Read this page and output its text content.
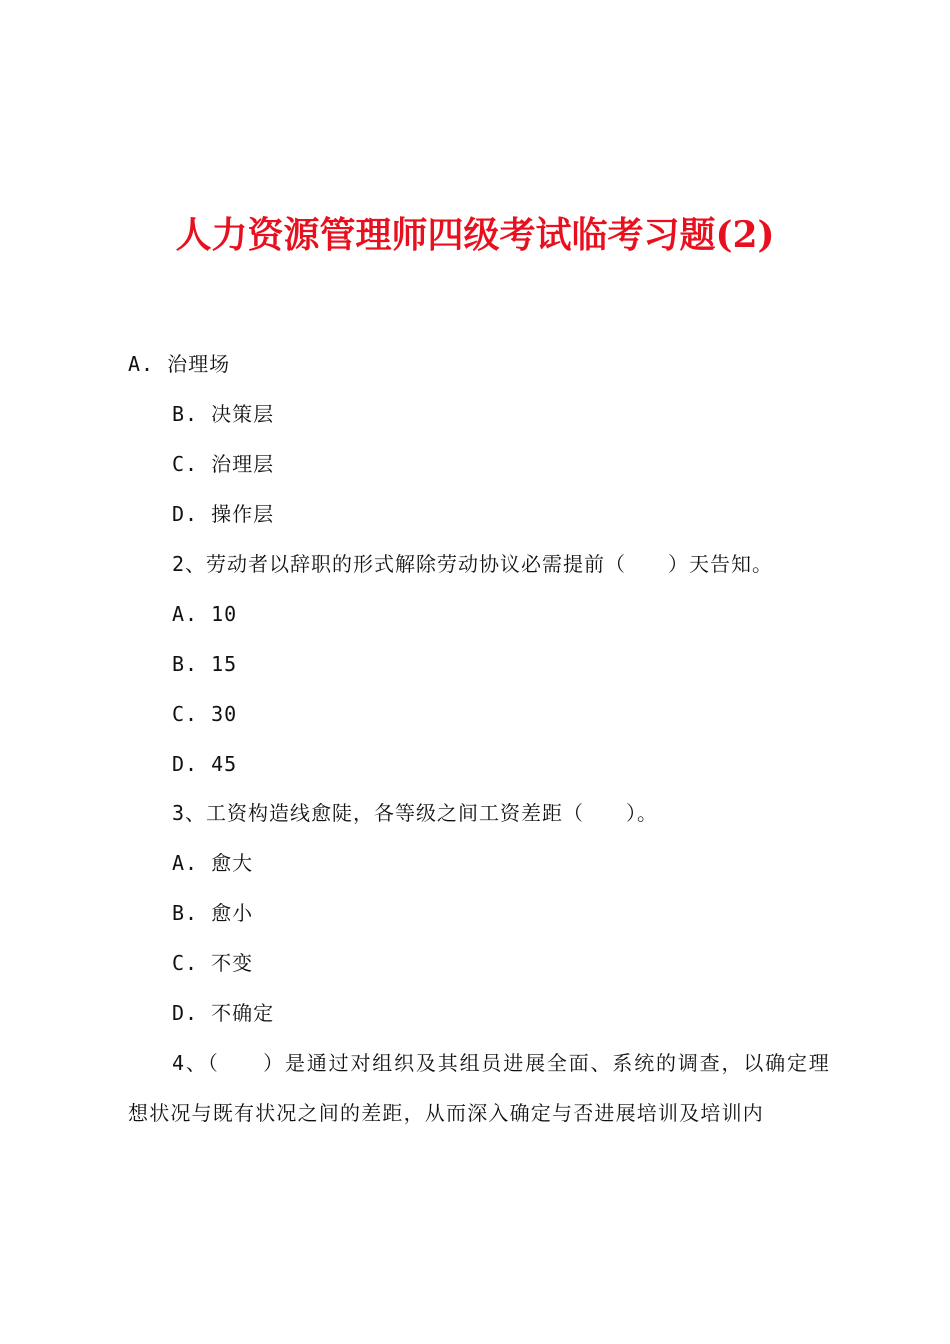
人力资源管理师四级考试临考习题(2)
A. 治理场
B. 决策层
C. 治理层
D. 操作层
2、劳动者以辞职的形式解除劳动协议必需提前（　　）天告知。
A. 10
B. 15
C. 30
D. 45
3、工资构造线愈陡，各等级之间工资差距（　　）。
A. 愈大
B. 愈小
C. 不变
D. 不确定
4、（　　）是通过对组织及其组员进展全面、系统的调查，以确定理想状况与既有状况之间的差距，从而深入确定与否进展培训及培训内
